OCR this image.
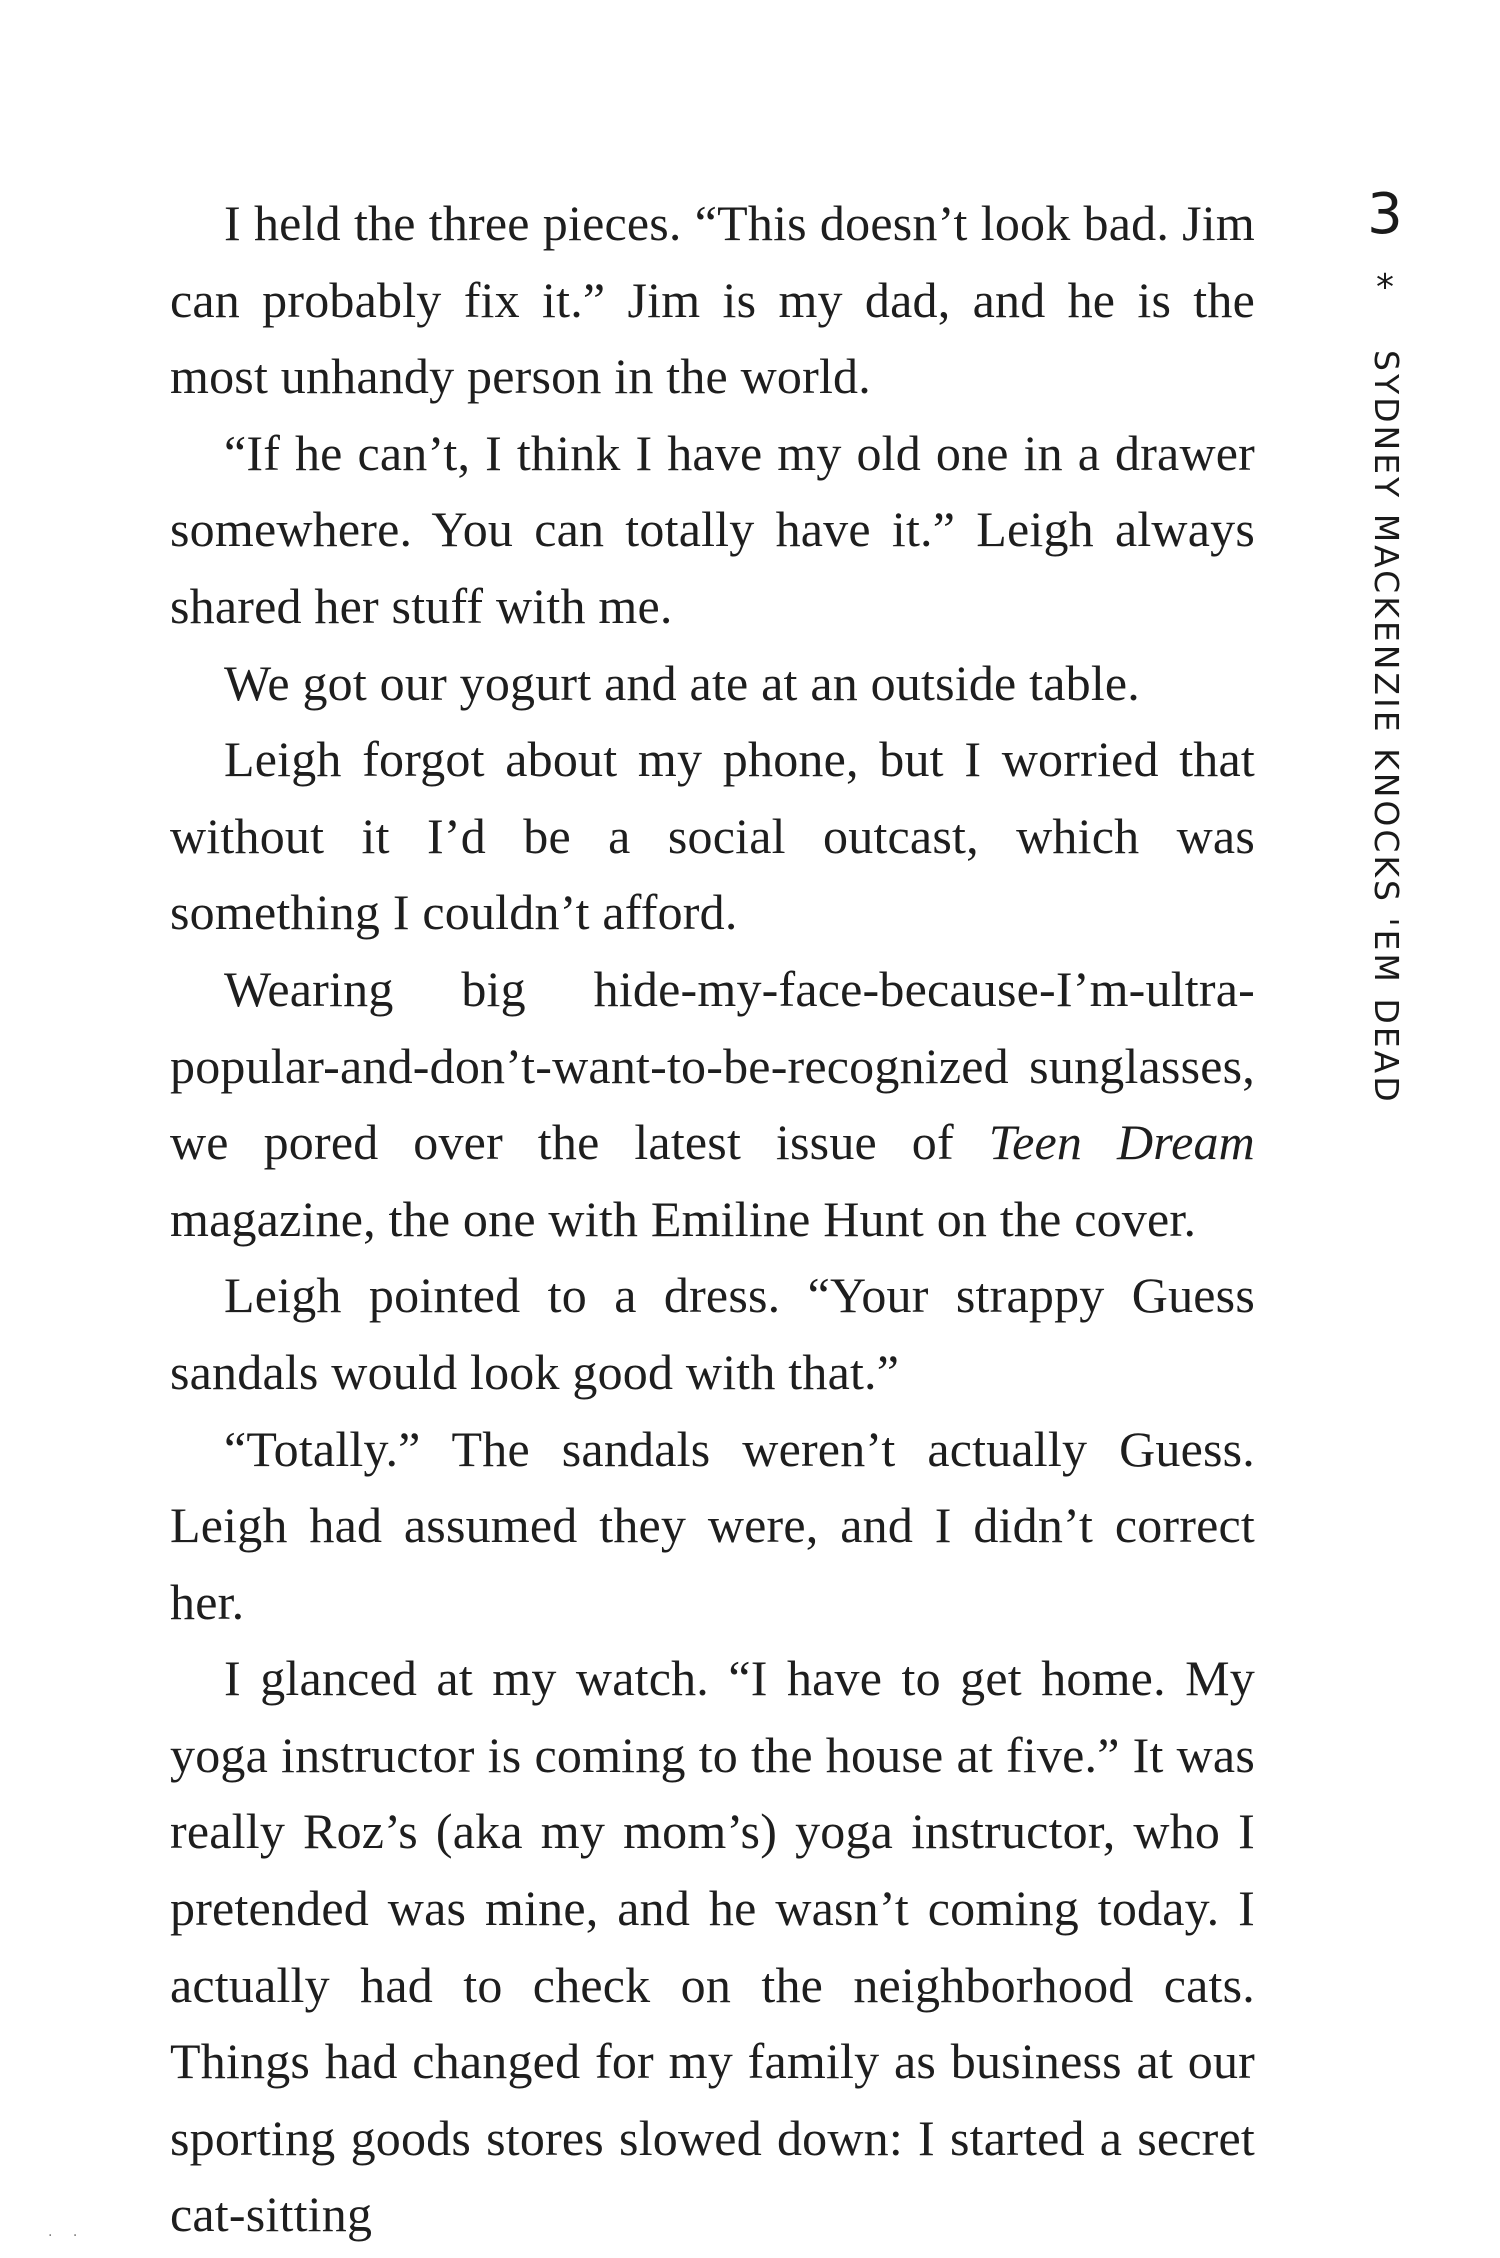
I held the three pieces. “This doesn’t look bad. Jim can probably fix it.” Jim is my dad, and he is the most unhandy person in the world.

“If he can’t, I think I have my old one in a drawer somewhere. You can totally have it.” Leigh always shared her stuff with me.

We got our yogurt and ate at an outside table.

Leigh forgot about my phone, but I worried that without it I’d be a social outcast, which was something I couldn’t afford.

Wearing big hide-my-face-because-I’m-ultra-popular-and-don’t-want-to-be-recognized sunglasses, we pored over the latest issue of Teen Dream magazine, the one with Emiline Hunt on the cover.

Leigh pointed to a dress. “Your strappy Guess sandals would look good with that.”

“Totally.” The sandals weren’t actually Guess. Leigh had assumed they were, and I didn’t correct her.

I glanced at my watch. “I have to get home. My yoga instructor is coming to the house at five.” It was really Roz’s (aka my mom’s) yoga instructor, who I pretended was mine, and he wasn’t coming today. I actually had to check on the neighborhood cats. Things had changed for my family as business at our sporting goods stores slowed down: I started a secret cat-sitting

3
*
SYDNEY MACKENZIE KNOCKS 'EM DEAD
· ·
